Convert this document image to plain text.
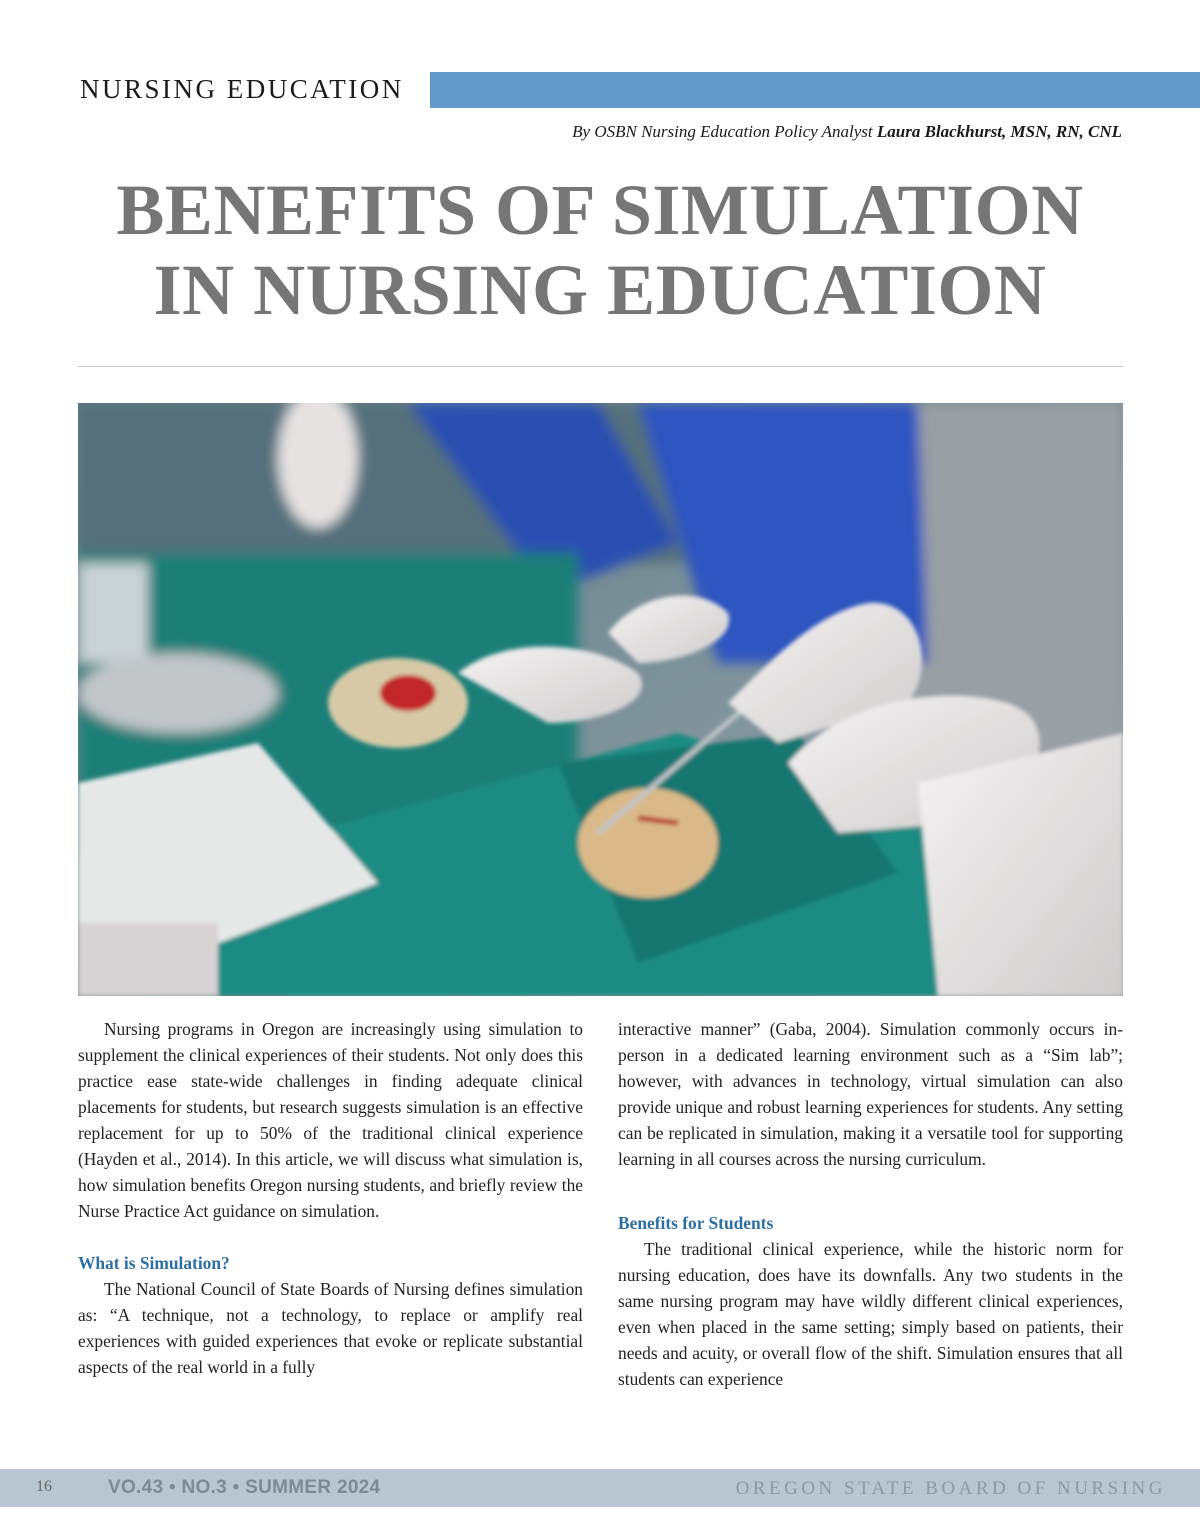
NURSING EDUCATION
By OSBN Nursing Education Policy Analyst Laura Blackhurst, MSN, RN, CNL
BENEFITS OF SIMULATION
IN NURSING EDUCATION

Nursing programs in Oregon are increasingly using simulation to supplement the clinical experiences of their students. Not only does this practice ease state-wide challenges in finding adequate clinical placements for students, but research suggests simulation is an effective replacement for up to 50% of the traditional clinical experience (Hayden et al., 2014). In this article, we will discuss what simulation is, how simulation benefits Oregon nursing students, and briefly review the Nurse Practice Act guidance on simulation.

What is Simulation?

The National Council of State Boards of Nursing defines simulation as: “A technique, not a technology, to replace or amplify real experiences with guided experiences that evoke or replicate substantial aspects of the real world in a fully

interactive manner” (Gaba, 2004). Simulation commonly occurs in-person in a dedicated learning environment such as a “Sim lab”; however, with advances in technology, virtual simulation can also provide unique and robust learning experiences for students. Any setting can be replicated in simulation, making it a versatile tool for supporting learning in all courses across the nursing curriculum.

Benefits for Students

The traditional clinical experience, while the historic norm for nursing education, does have its downfalls. Any two students in the same nursing program may have wildly different clinical experiences, even when placed in the same setting; simply based on patients, their needs and acuity, or overall flow of the shift. Simulation ensures that all students can experience

16	VO.43 • NO.3 • SUMMER 2024	OREGON STATE BOARD OF NURSING
